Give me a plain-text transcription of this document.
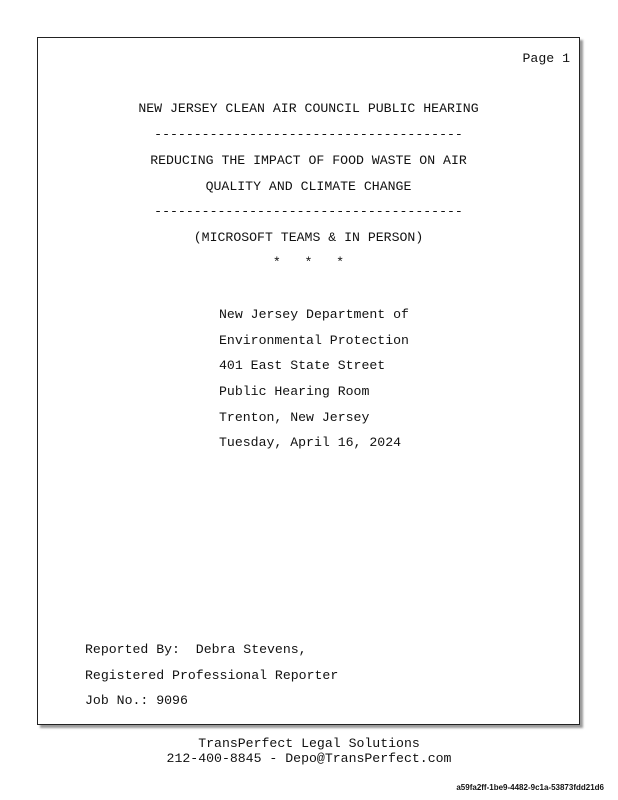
Page 1
NEW JERSEY CLEAN AIR COUNCIL PUBLIC HEARING
---------------------------------------
REDUCING THE IMPACT OF FOOD WASTE ON AIR
QUALITY AND CLIMATE CHANGE
---------------------------------------
(MICROSOFT TEAMS & IN PERSON)
*   *   *
New Jersey Department of
Environmental Protection
401 East State Street
Public Hearing Room
Trenton, New Jersey
Tuesday, April 16, 2024
Reported By:  Debra Stevens,
Registered Professional Reporter
Job No.: 9096
TransPerfect Legal Solutions
212-400-8845 - Depo@TransPerfect.com
a59fa2ff-1be9-4482-9c1a-53873fdd21d6
